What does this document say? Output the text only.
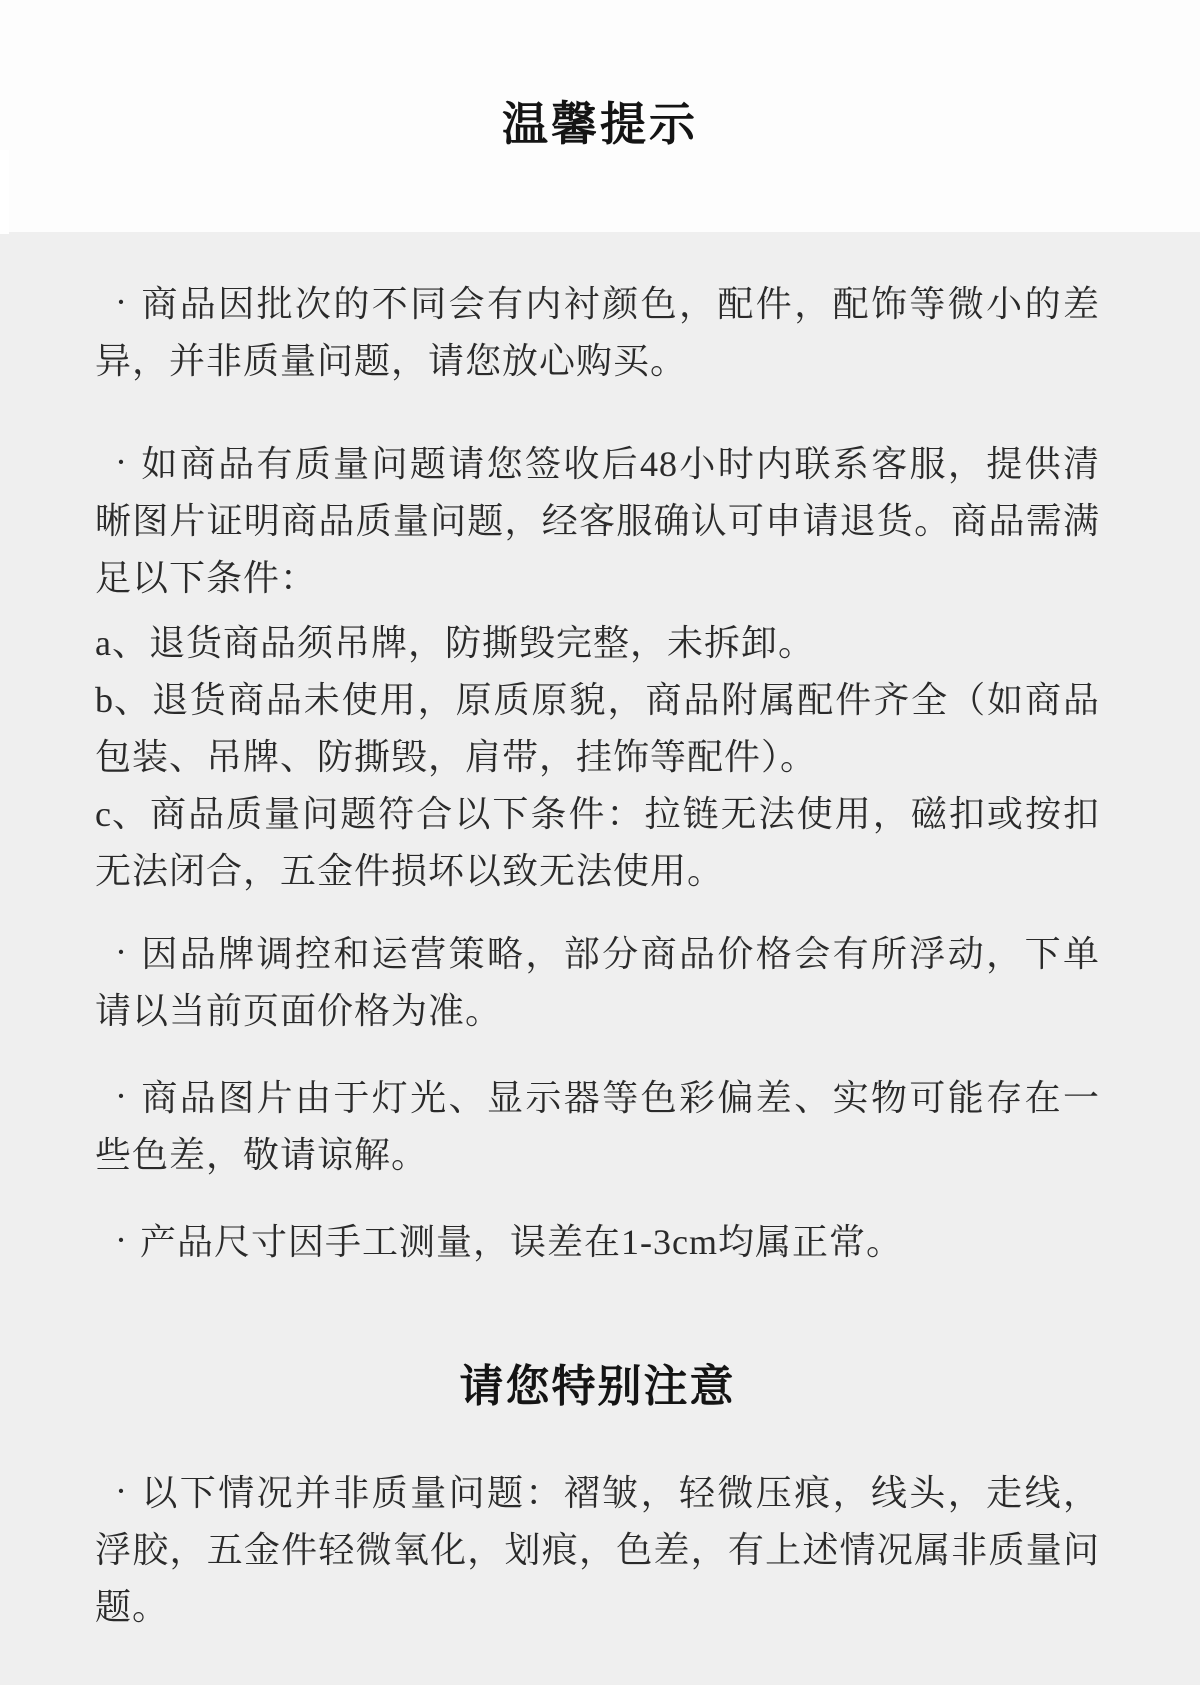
温馨提示

· 商品因批次的不同会有内衬颜色，配件，配饰等微小的差异，并非质量问题，请您放心购买。

· 如商品有质量问题请您签收后48小时内联系客服，提供清晰图片证明商品质量问题，经客服确认可申请退货。商品需满足以下条件：

a、退货商品须吊牌，防撕毁完整，未拆卸。

b、退货商品未使用，原质原貌，商品附属配件齐全（如商品包装、吊牌、防撕毁，肩带，挂饰等配件）。

c、商品质量问题符合以下条件：拉链无法使用，磁扣或按扣无法闭合，五金件损坏以致无法使用。

· 因品牌调控和运营策略，部分商品价格会有所浮动，下单请以当前页面价格为准。

· 商品图片由于灯光、显示器等色彩偏差、实物可能存在一些色差，敬请谅解。

· 产品尺寸因手工测量，误差在1-3cm均属正常。

请您特别注意

· 以下情况并非质量问题：褶皱，轻微压痕，线头，走线，浮胶，五金件轻微氧化，划痕，色差，有上述情况属非质量问题。
